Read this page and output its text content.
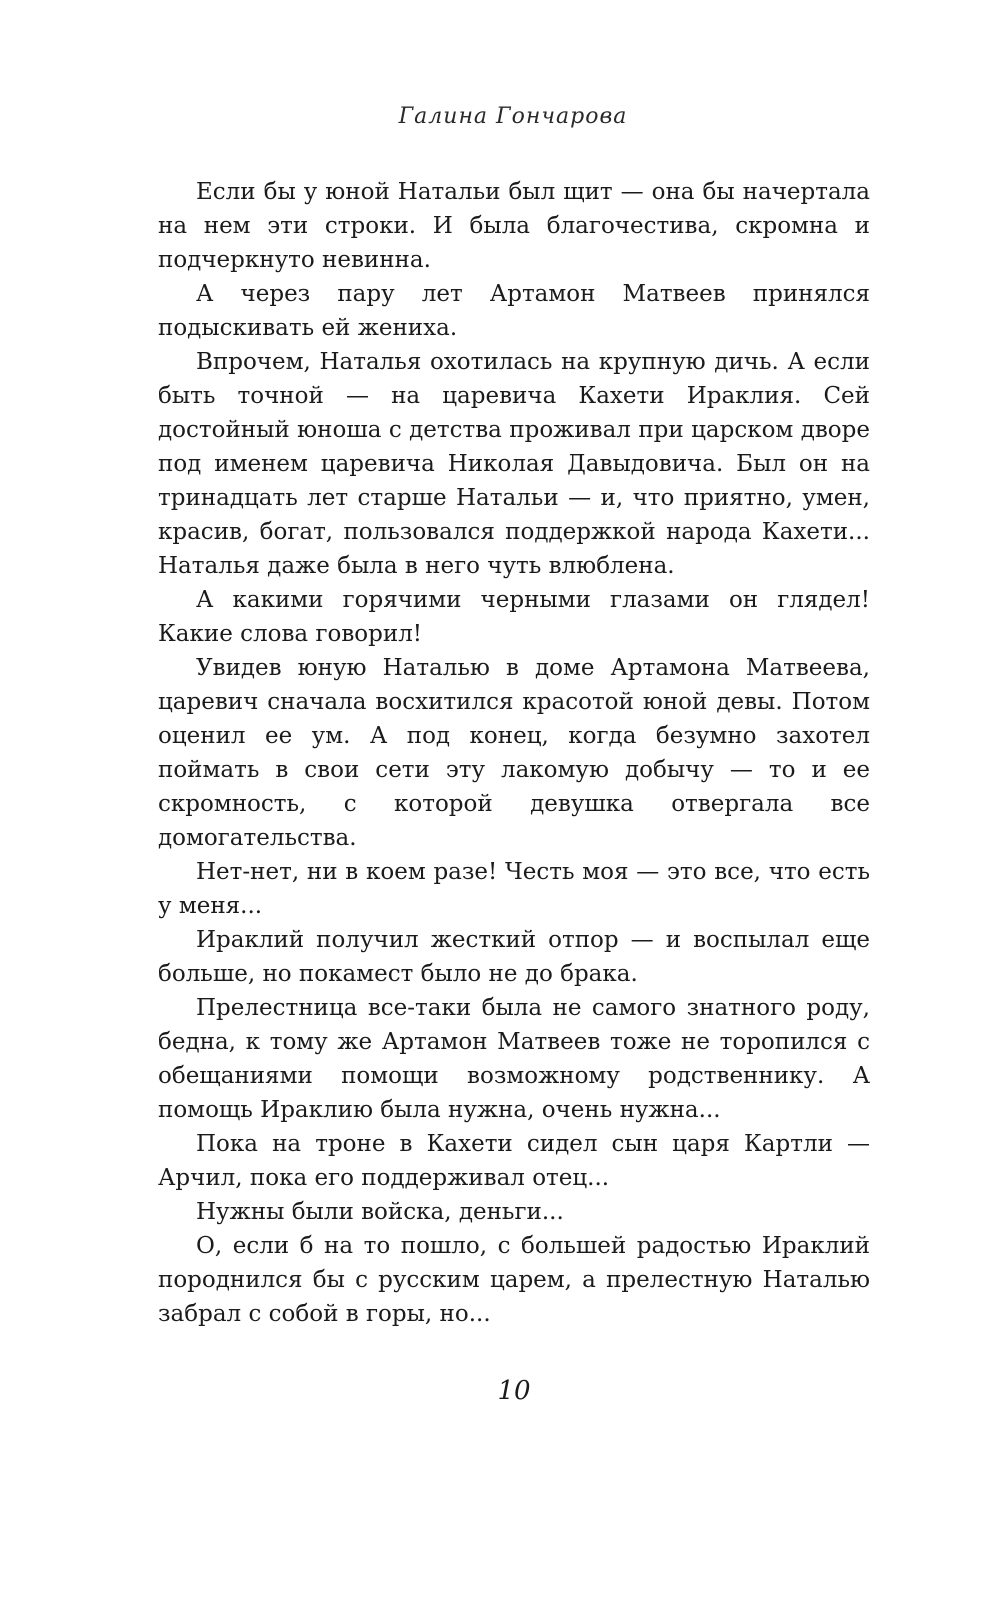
Галина Гончарова

Если бы у юной Натальи был щит — она бы начертала на нем эти строки. И была благочестива, скромна и подчеркнуто невинна.

А через пару лет Артамон Матвеев принялся подыскивать ей жениха.

Впрочем, Наталья охотилась на крупную дичь. А если быть точной — на царевича Кахети Ираклия. Сей достойный юноша с детства проживал при царском дворе под именем царевича Николая Давыдовича. Был он на тринадцать лет старше Натальи — и, что приятно, умен, красив, богат, пользовался поддержкой народа Кахети... Наталья даже была в него чуть влюблена.

А какими горячими черными глазами он глядел! Какие слова говорил!

Увидев юную Наталью в доме Артамона Матвеева, царевич сначала восхитился красотой юной девы. Потом оценил ее ум. А под конец, когда безумно захотел поймать в свои сети эту лакомую добычу — то и ее скромность, с которой девушка отвергала все домогательства.

Нет-нет, ни в коем разе! Честь моя — это все, что есть у меня...

Ираклий получил жесткий отпор — и воспылал еще больше, но покамест было не до брака.

Прелестница все-таки была не самого знатного роду, бедна, к тому же Артамон Матвеев тоже не торопился с обещаниями помощи возможному родственнику. А помощь Ираклию была нужна, очень нужна...

Пока на троне в Кахети сидел сын царя Картли — Арчил, пока его поддерживал отец...

Нужны были войска, деньги...

О, если б на то пошло, с большей радостью Ираклий породнился бы с русским царем, а прелестную Наталью забрал с собой в горы, но...

10
